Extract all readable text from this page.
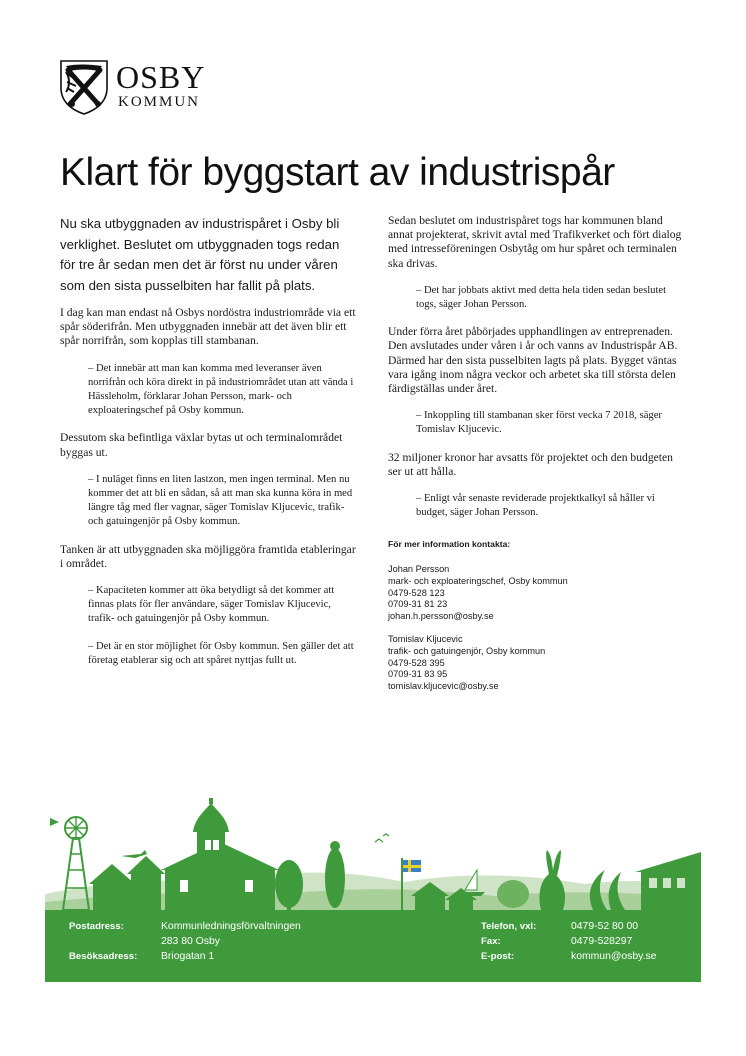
OSBY
KOMMUN
Klart för byggstart av industrispår

Nu ska utbyggnaden av industrispåret i Osby bli verklighet. Beslutet om utbyggnaden togs redan för tre år sedan men det är först nu under våren som den sista pusselbiten har fallit på plats.

I dag kan man endast nå Osbys nordöstra industriområde via ett spår söderifrån. Men utbyggnaden innebär att det även blir ett spår norrifrån, som kopplas till stambanan.

– Det innebär att man kan komma med leveranser även norrifrån och köra direkt in på industriområdet utan att vända i Hässleholm, förklarar Johan Persson, mark- och exploateringschef på Osby kommun.

Dessutom ska befintliga växlar bytas ut och terminalområdet byggas ut.

– I nuläget finns en liten lastzon, men ingen terminal. Men nu kommer det att bli en sådan, så att man ska kunna köra in med längre tåg med fler vagnar, säger Tomislav Kljucevic, trafik- och gatuingenjör på Osby kommun.

Tanken är att utbyggnaden ska möjliggöra framtida etableringar i området.

– Kapaciteten kommer att öka betydligt så det kommer att finnas plats för fler användare, säger Tomislav Kljucevic, trafik- och gatuingenjör på Osby kommun.

– Det är en stor möjlighet för Osby kommun. Sen gäller det att företag etablerar sig och att spåret nyttjas fullt ut.

Sedan beslutet om industrispåret togs har kommunen bland annat projekterat, skrivit avtal med Trafikverket och fört dialog med intresseföreningen Osbytåg om hur spåret och terminalen ska drivas.

– Det har jobbats aktivt med detta hela tiden sedan beslutet togs, säger Johan Persson.

Under förra året påbörjades upphandlingen av entreprenaden. Den avslutades under våren i år och vanns av Industrispår AB. Därmed har den sista pusselbiten lagts på plats. Bygget väntas vara igång inom några veckor och arbetet ska till största delen färdigställas under året.

– Inkoppling till stambanan sker först vecka 7 2018, säger Tomislav Kljucevic.

32 miljoner kronor har avsatts för projektet och den budgeten ser ut att hålla.

– Enligt vår senaste reviderade projektkalkyl så håller vi budget, säger Johan Persson.

För mer information kontakta:
Johan Persson
mark- och exploateringschef, Osby kommun
0479-528 123
0709-31 81 23
johan.h.persson@osby.se
Tomislav Kljucevic
trafik- och gatuingenjör, Osby kommun
0479-528 395
0709-31 83 95
tomislav.kljucevic@osby.se
Postadress:	Kommunledningsförvaltningen
283 80 Osby
Besöksadress: Briogatan 1
Telefon, vxl:	0479-52 80 00
Fax:	0479-528297
E-post:	kommun@osby.se
